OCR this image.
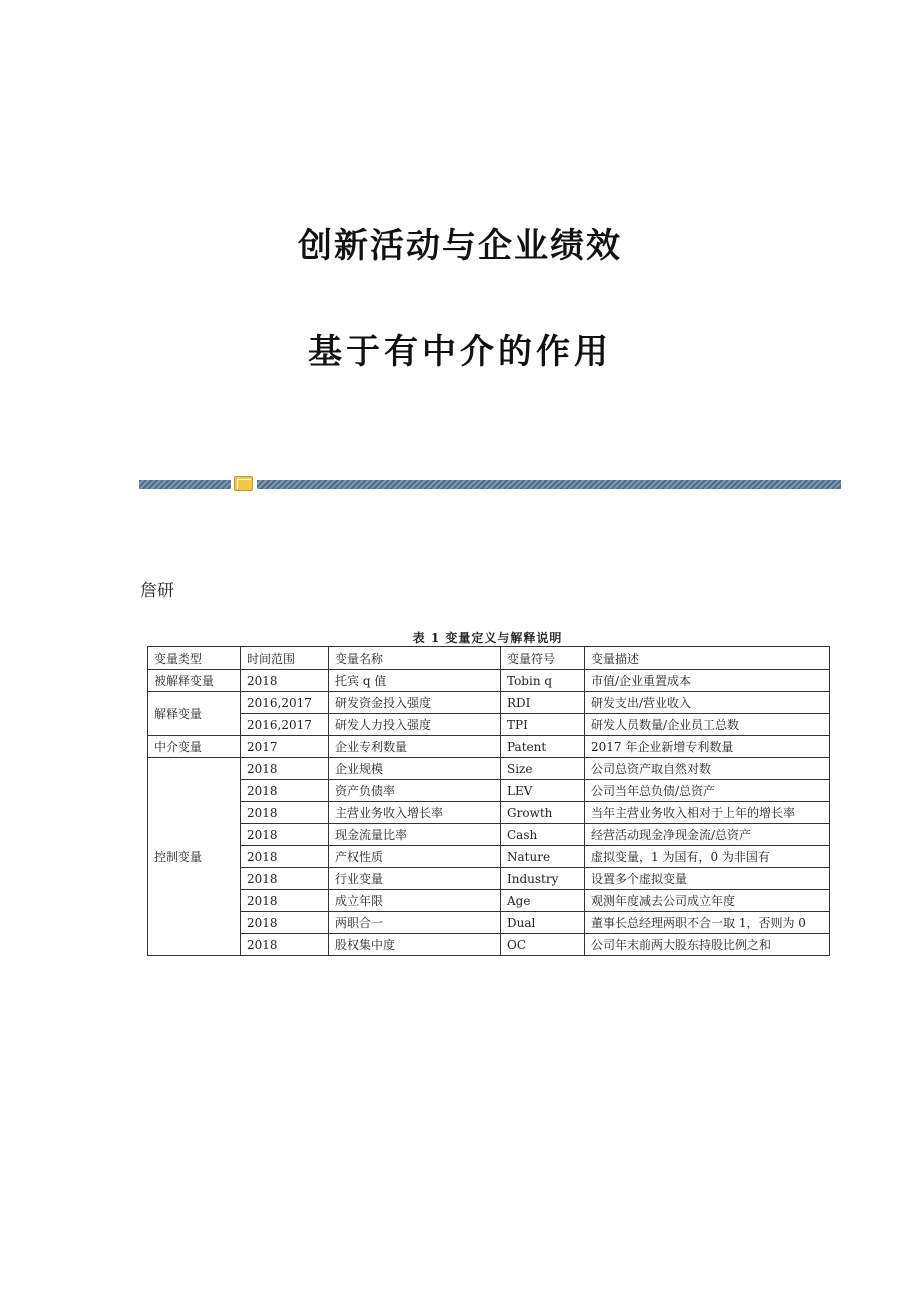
创新活动与企业绩效
基于有中介的作用
詹研
表 1 变量定义与解释说明
变量类型	时间范围	变量名称	变量符号	变量描述
被解释变量	2018	托宾 q 值	Tobin q	市值/企业重置成本
解释变量	2016,2017	研发资金投入强度	RDI	研发支出/营业收入
	2016,2017	研发人力投入强度	TPI	研发人员数量/企业员工总数
中介变量	2017	企业专利数量	Patent	2017 年企业新增专利数量
控制变量	2018	企业规模	Size	公司总资产取自然对数
	2018	资产负债率	LEV	公司当年总负债/总资产
	2018	主营业务收入增长率	Growth	当年主营业务收入相对于上年的增长率
	2018	现金流量比率	Cash	经营活动现金净现金流/总资产
	2018	产权性质	Nature	虚拟变量，1 为国有，0 为非国有
	2018	行业变量	Industry	设置多个虚拟变量
	2018	成立年限	Age	观测年度减去公司成立年度
	2018	两职合一	Dual	董事长总经理两职不合一取 1，否则为 0
	2018	股权集中度	OC	公司年末前两大股东持股比例之和
